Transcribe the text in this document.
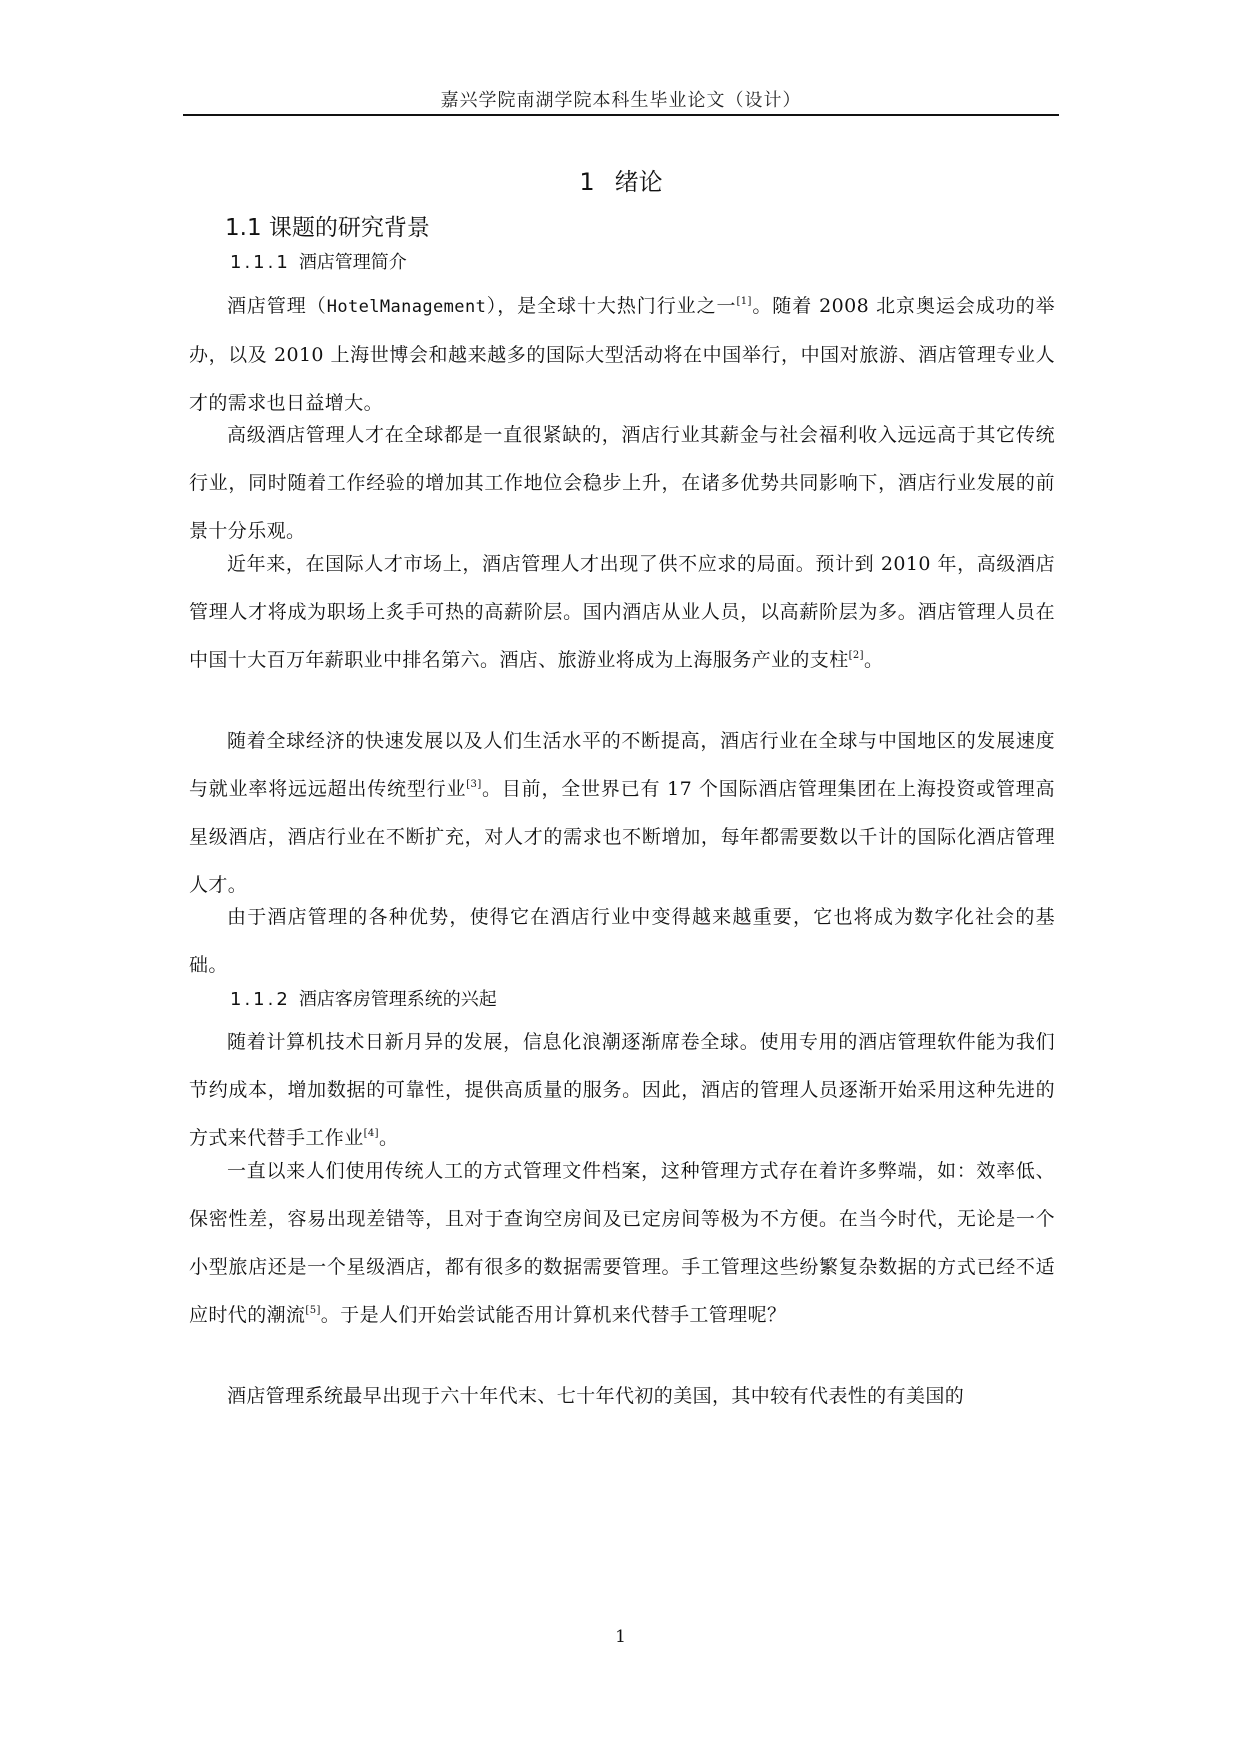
嘉兴学院南湖学院本科生毕业论文（设计）
1 绪论
1.1 课题的研究背景
1.1.1 酒店管理简介
酒店管理（HotelManagement），是全球十大热门行业之一[1]。随着 2008 北京奥运会成功的举办，以及 2010 上海世博会和越来越多的国际大型活动将在中国举行，中国对旅游、酒店管理专业人才的需求也日益增大。
高级酒店管理人才在全球都是一直很紧缺的，酒店行业其薪金与社会福利收入远远高于其它传统行业，同时随着工作经验的增加其工作地位会稳步上升，在诸多优势共同影响下，酒店行业发展的前景十分乐观。
近年来，在国际人才市场上，酒店管理人才出现了供不应求的局面。预计到 2010 年，高级酒店管理人才将成为职场上炙手可热的高薪阶层。国内酒店从业人员，以高薪阶层为多。酒店管理人员在中国十大百万年薪职业中排名第六。酒店、旅游业将成为上海服务产业的支柱[2]。
随着全球经济的快速发展以及人们生活水平的不断提高，酒店行业在全球与中国地区的发展速度与就业率将远远超出传统型行业[3]。目前，全世界已有 17 个国际酒店管理集团在上海投资或管理高星级酒店，酒店行业在不断扩充，对人才的需求也不断增加，每年都需要数以千计的国际化酒店管理人才。
由于酒店管理的各种优势，使得它在酒店行业中变得越来越重要，它也将成为数字化社会的基础。
1.1.2 酒店客房管理系统的兴起
随着计算机技术日新月异的发展，信息化浪潮逐渐席卷全球。使用专用的酒店管理软件能为我们节约成本，增加数据的可靠性，提供高质量的服务。因此，酒店的管理人员逐渐开始采用这种先进的方式来代替手工作业[4]。
一直以来人们使用传统人工的方式管理文件档案，这种管理方式存在着许多弊端，如：效率低、保密性差，容易出现差错等，且对于查询空房间及已定房间等极为不方便。在当今时代，无论是一个小型旅店还是一个星级酒店，都有很多的数据需要管理。手工管理这些纷繁复杂数据的方式已经不适应时代的潮流[5]。于是人们开始尝试能否用计算机来代替手工管理呢？
酒店管理系统最早出现于六十年代末、七十年代初的美国，其中较有代表性的有美国的
1
